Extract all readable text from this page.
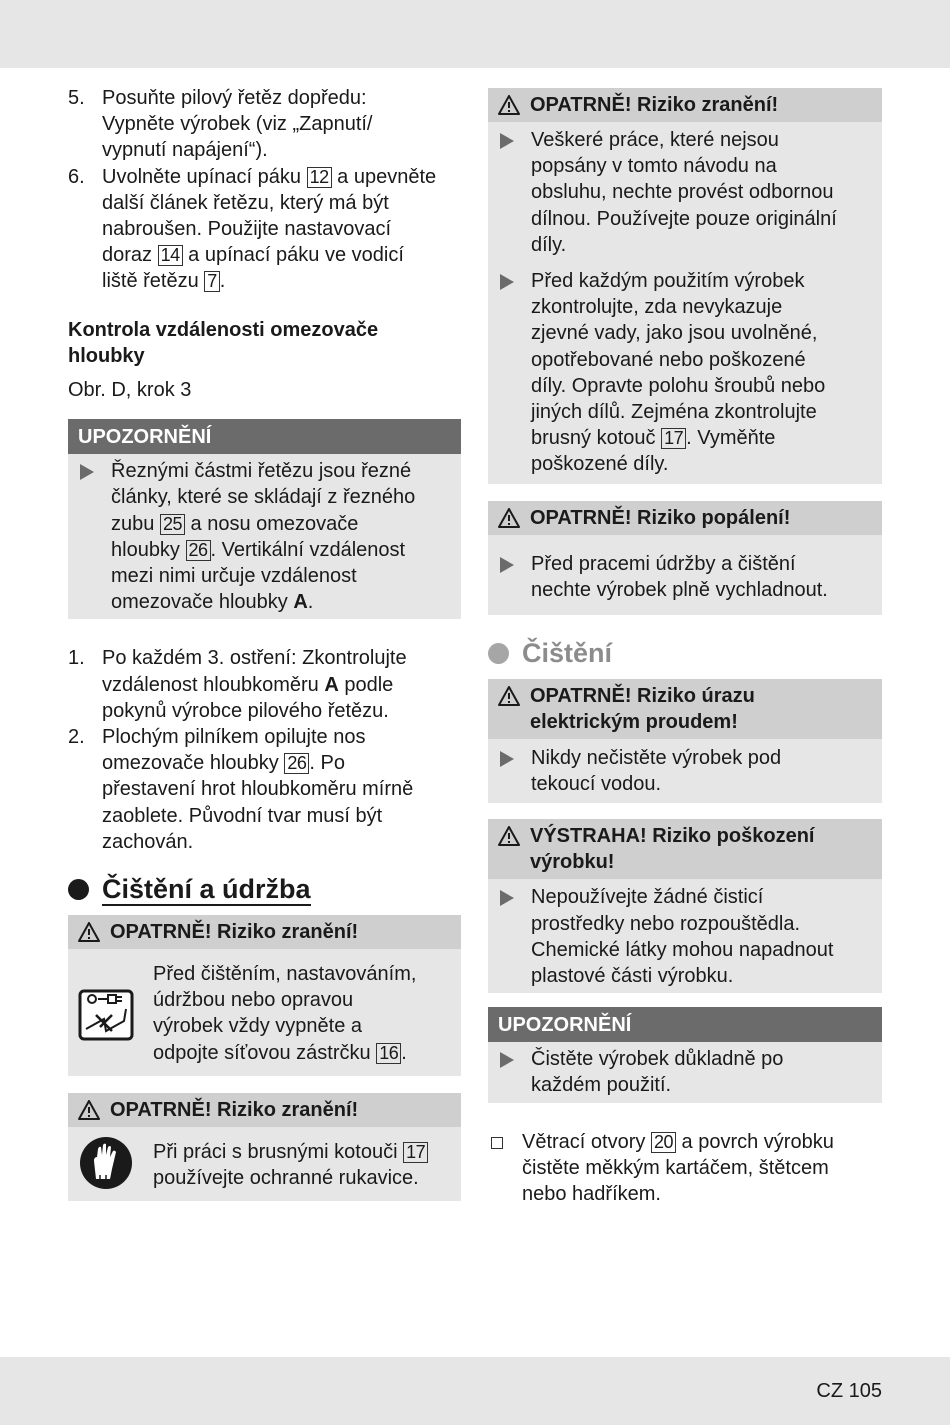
5. Posuňte pilový řetěz dopředu:
Vypněte výrobek (viz „Zapnutí/
vypnutí napájení“).
6. Uvolněte upínací páku 12 a upevněte
další článek řetězu, který má být
nabroušen. Použijte nastavovací
doraz 14 a upínací páku ve vodicí
liště řetězu 7 .
Kontrola vzdálenosti omezovače
hloubky
Obr. D, krok 3
UPOZORNĚNÍ
Řeznými částmi řetězu jsou řezné
články, které se skládají z řezného
zubu 25 a nosu omezovače
hloubky 26 . Vertikální vzdálenost
mezi nimi určuje vzdálenost
omezovače hloubky A.
1. Po každém 3. ostření: Zkontrolujte
vzdálenost hloubkoměru A podle
pokynů výrobce pilového řetězu.
2. Plochým pilníkem opilujte nos
omezovače hloubky 26 . Po
přestavení hrot hloubkoměru mírně
zaoblete. Původní tvar musí být
zachován.
Čištění a údržba
OPATRNĚ! Riziko zranění!
Před čištěním, nastavováním,
údržbou nebo opravou
výrobek vždy vypněte a
odpojte síťovou zástrčku 16 .
OPATRNĚ! Riziko zranění!
Při práci s brusnými kotouči 17
používejte ochranné rukavice.
OPATRNĚ! Riziko zranění!
Veškeré práce, které nejsou
popsány v tomto návodu na
obsluhu, nechte provést odbornou
dílnou. Používejte pouze originální
díly.
Před každým použitím výrobek
zkontrolujte, zda nevykazuje
zjevné vady, jako jsou uvolněné,
opotřebované nebo poškozené
díly. Opravte polohu šroubů nebo
jiných dílů. Zejména zkontrolujte
brusný kotouč 17 . Vyměňte
poškozené díly.
OPATRNĚ! Riziko popálení!
Před pracemi údržby a čištění
nechte výrobek plně vychladnout.
Čištění
OPATRNĚ! Riziko úrazu
elektrickým proudem!
Nikdy nečistěte výrobek pod
tekoucí vodou.
VÝSTRAHA! Riziko poškození
výrobku!
Nepoužívejte žádné čisticí
prostředky nebo rozpouštědla.
Chemické látky mohou napadnout
plastové části výrobku.
UPOZORNĚNÍ
Čistěte výrobek důkladně po
každém použití.
Větrací otvory 20 a povrch výrobku
čistěte měkkým kartáčem, štětcem
nebo hadříkem.
CZ 105
